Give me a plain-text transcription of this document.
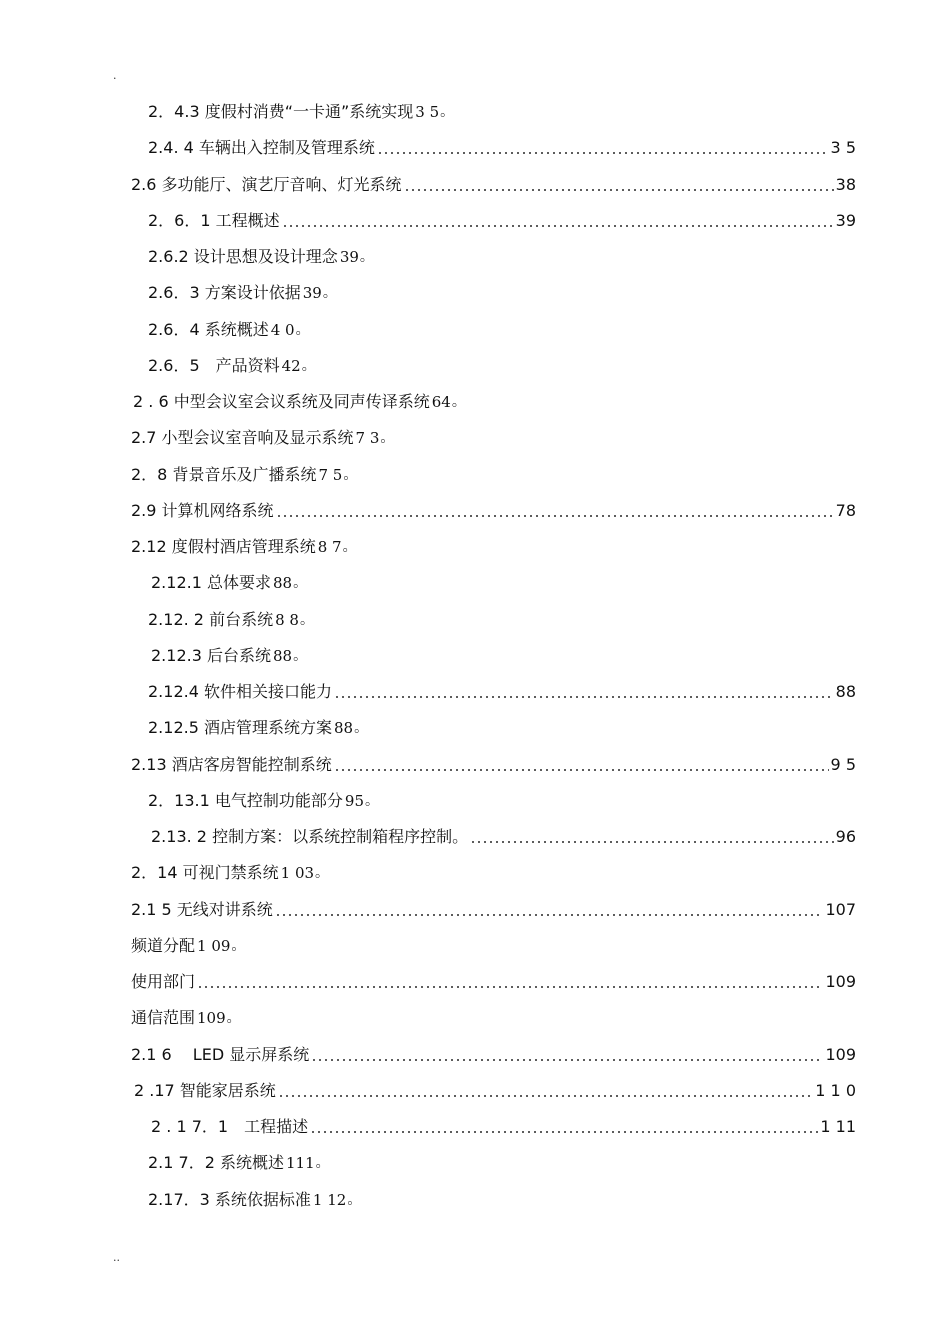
·
2．4.3 度假村消费“一卡通”系统实现 3 5 。
2.4. 4 车辆出入控制及管理系统	3 5
2.6 多功能厅、演艺厅音响、灯光系统	38
2．6．1 工程概述	39
2.6.2 设计思想及设计理念 39 。
2.6．3 方案设计依据 39 。
2.6．4 系统概述 4 0 。
2.6．5　产品资料 42 。
2 . 6 中型会议室会议系统及同声传译系统 64 。
2.7 小型会议室音响及显示系统 7 3 。
2．8 背景音乐及广播系统 7 5 。
2.9 计算机网络系统	78
2.12 度假村酒店管理系统 8 7 。
2.12.1 总体要求 88 。
2.12. 2 前台系统 8 8 。
2.12.3 后台系统 88 。
2.12.4 软件相关接口能力	88
2.12.5 酒店管理系统方案 88 。
2.13 酒店客房智能控制系统	9 5
2．13.1 电气控制功能部分 95 。
2.13. 2 控制方案：以系统控制箱程序控制。	96
2．14 可视门禁系统 1 03 。
2.1 5 无线对讲系统	107
频道分配 1 09 。
使用部门	109
通信范围 109 。
2.1 6　 LED 显示屏系统	109
2 .17 智能家居系统	1 1 0
2 . 1 7．1　工程描述	1 11
2.1 7．2 系统概述 111 。
2.17．3 系统依据标准 1 12 。
..
